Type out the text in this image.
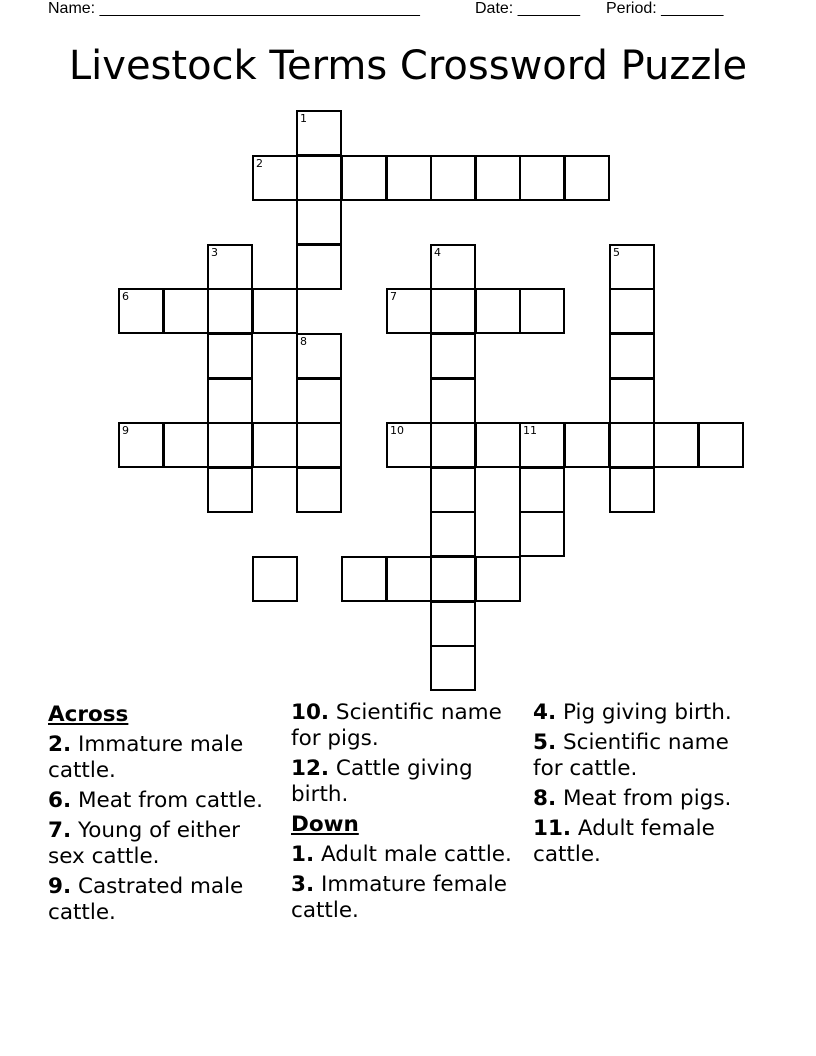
Name: ____________________________________	Date: _______ Period: _______
Livestock Terms Crossword Puzzle
1
2
3	4	5
6	7
8
9	10	11
Across
2. Immature male cattle.
6. Meat from cattle.
7. Young of either sex cattle.
9. Castrated male cattle.
10. Scientific name for pigs.
12. Cattle giving birth.
Down
1. Adult male cattle.
3. Immature female cattle.
4. Pig giving birth.
5. Scientific name for cattle.
8. Meat from pigs.
11. Adult female cattle.
